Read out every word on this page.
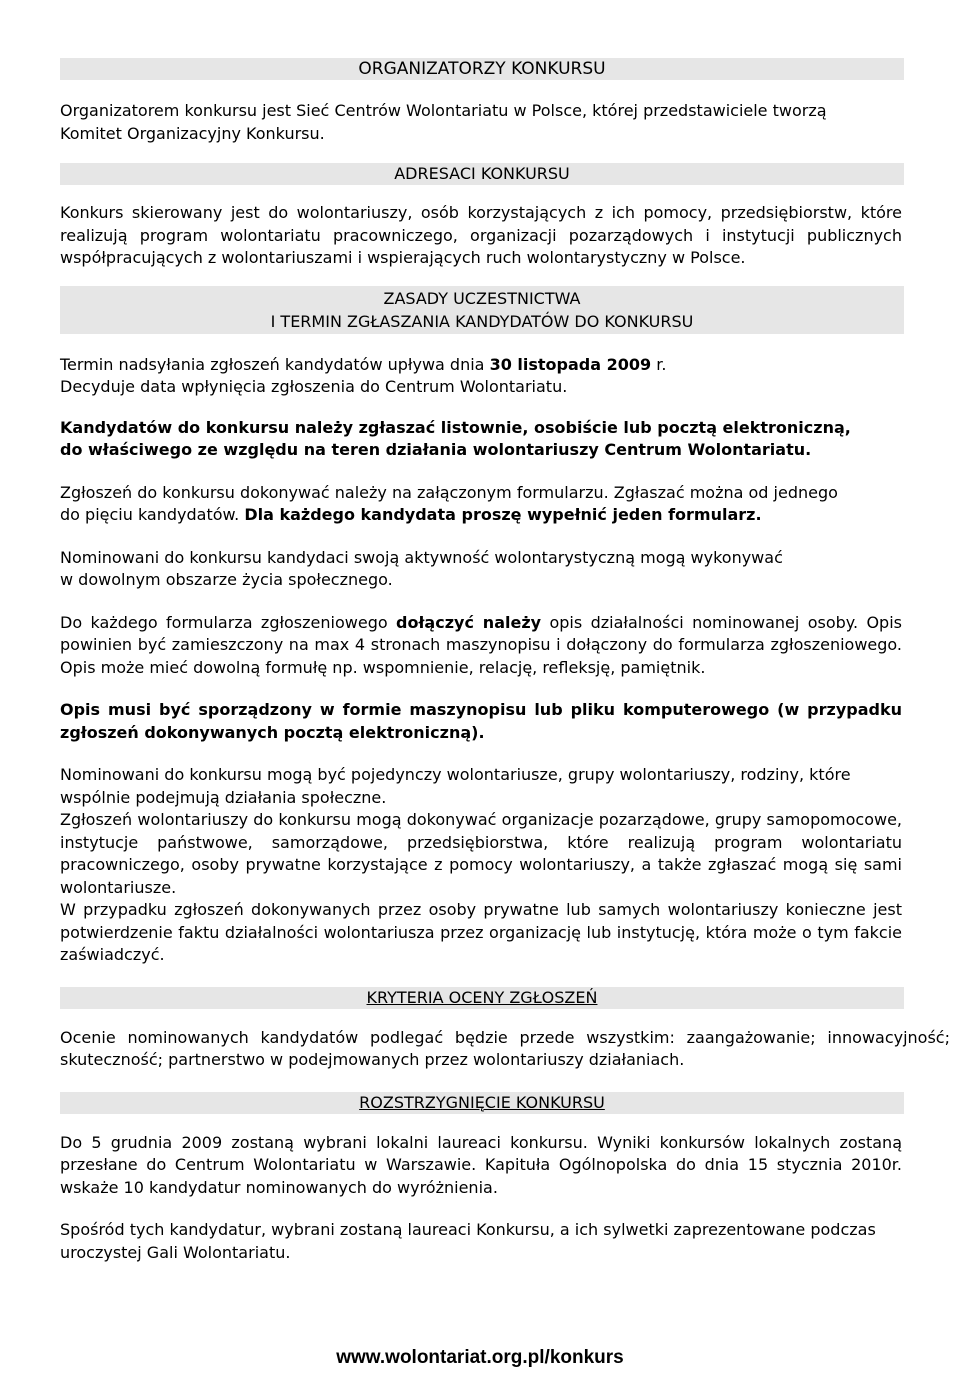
ORGANIZATORZY KONKURSU

Organizatorem konkursu jest Sieć Centrów Wolontariatu w Polsce, której przedstawiciele tworzą Komitet Organizacyjny Konkursu.

ADRESACI KONKURSU

Konkurs skierowany jest do wolontariuszy, osób korzystających z ich pomocy, przedsiębiorstw, które realizują program wolontariatu pracowniczego, organizacji pozarządowych i instytucji publicznych współpracujących z wolontariuszami i wspierających ruch wolontarystyczny w Polsce.

ZASADY UCZESTNICTWA
I TERMIN ZGŁASZANIA KANDYDATÓW DO KONKURSU

Termin nadsyłania zgłoszeń kandydatów upływa dnia 30 listopada 2009 r.

Decyduje data wpłynięcia zgłoszenia do Centrum Wolontariatu.

Kandydatów do konkursu należy zgłaszać listownie, osobiście lub pocztą elektroniczną,
do właściwego ze względu na teren działania wolontariuszy Centrum Wolontariatu.

Zgłoszeń do konkursu dokonywać należy na załączonym formularzu. Zgłaszać można od jednego
do pięciu kandydatów. Dla każdego kandydata proszę wypełnić jeden formularz.

Nominowani do konkursu kandydaci swoją aktywność wolontarystyczną mogą wykonywać
w dowolnym obszarze życia społecznego.

Do każdego formularza zgłoszeniowego dołączyć należy opis działalności nominowanej osoby. Opis powinien być zamieszczony na max 4 stronach maszynopisu i dołączony do formularza zgłoszeniowego. Opis może mieć dowolną formułę np. wspomnienie, relację, refleksję, pamiętnik.

Opis musi być sporządzony w formie maszynopisu lub pliku komputerowego (w przypadku zgłoszeń dokonywanych pocztą elektroniczną).

Nominowani do konkursu mogą być pojedynczy wolontariusze, grupy wolontariuszy, rodziny, które
wspólnie podejmują działania społeczne.

Zgłoszeń wolontariuszy do konkursu mogą dokonywać organizacje pozarządowe, grupy samopomocowe, instytucje państwowe, samorządowe, przedsiębiorstwa, które realizują program wolontariatu pracowniczego, osoby prywatne korzystające z pomocy wolontariuszy, a także zgłaszać mogą się sami wolontariusze.

W przypadku zgłoszeń dokonywanych przez osoby prywatne lub samych wolontariuszy konieczne jest potwierdzenie faktu działalności wolontariusza przez organizację lub instytucję, która może o tym fakcie zaświadczyć.

KRYTERIA OCENY ZGŁOSZEŃ

Ocenie nominowanych kandydatów podlegać będzie przede wszystkim: zaangażowanie; innowacyjność; skuteczność; partnerstwo w podejmowanych przez wolontariuszy działaniach.

ROZSTRZYGNIĘCIE KONKURSU

Do 5 grudnia 2009 zostaną wybrani lokalni laureaci konkursu. Wyniki konkursów lokalnych zostaną przesłane do Centrum Wolontariatu w Warszawie. Kapituła Ogólnopolska do dnia 15 stycznia 2010r. wskaże 10 kandydatur nominowanych do wyróżnienia.

Spośród tych kandydatur, wybrani zostaną laureaci Konkursu, a ich sylwetki zaprezentowane podczas uroczystej Gali Wolontariatu.

www.wolontariat.org.pl/konkurs
